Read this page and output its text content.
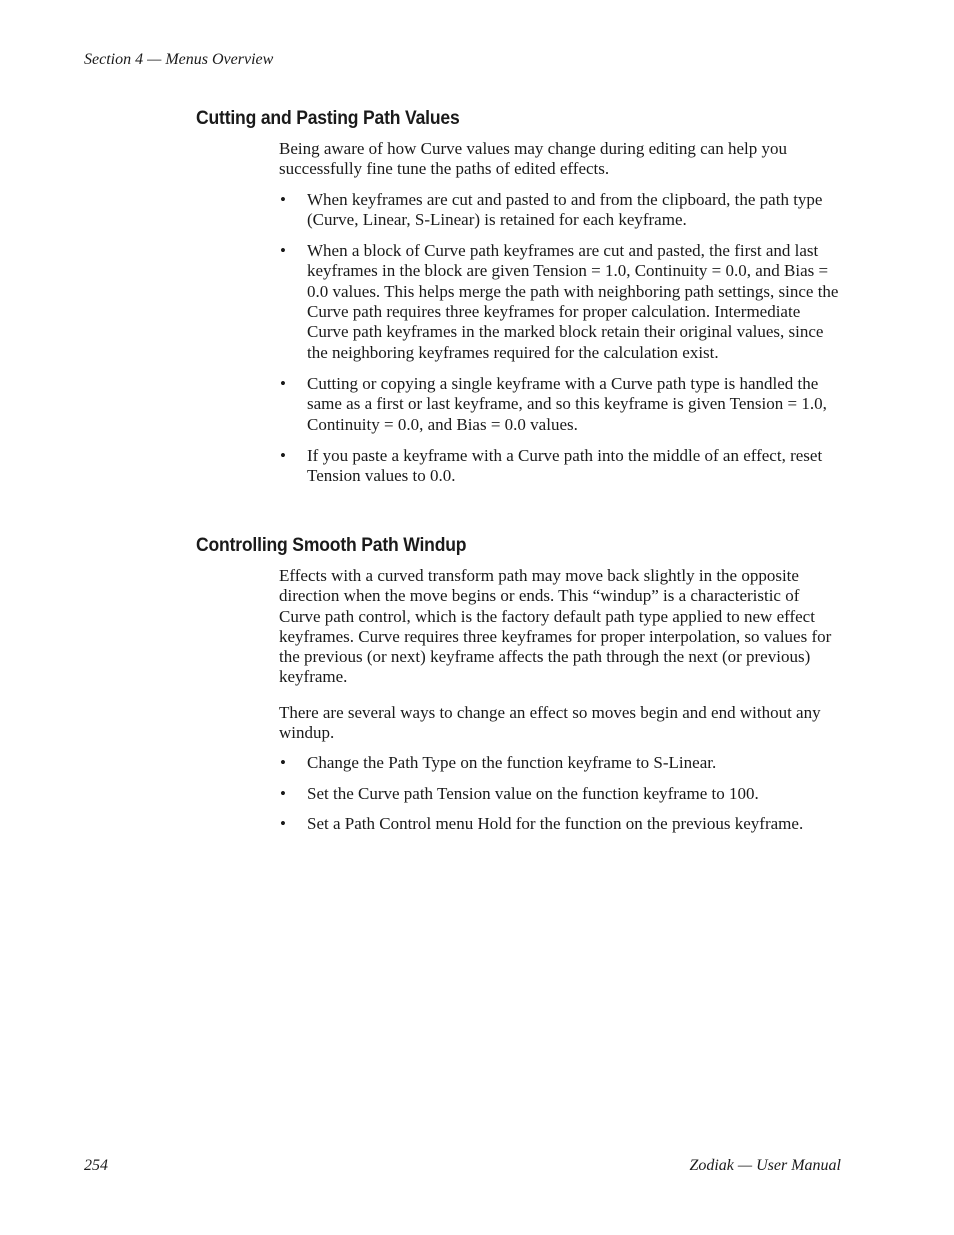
Section 4 — Menus Overview
Cutting and Pasting Path Values

Being aware of how Curve values may change during editing can help you successfully fine tune the paths of edited effects.

• When keyframes are cut and pasted to and from the clipboard, the path type (Curve, Linear, S-Linear) is retained for each keyframe.
• When a block of Curve path keyframes are cut and pasted, the first and last keyframes in the block are given Tension = 1.0, Continuity = 0.0, and Bias = 0.0 values. This helps merge the path with neighboring path settings, since the Curve path requires three keyframes for proper calculation. Intermediate Curve path keyframes in the marked block retain their original values, since the neighboring keyframes required for the calculation exist.
• Cutting or copying a single keyframe with a Curve path type is handled the same as a first or last keyframe, and so this keyframe is given Tension = 1.0, Continuity = 0.0, and Bias = 0.0 values.
• If you paste a keyframe with a Curve path into the middle of an effect, reset Tension values to 0.0.
Controlling Smooth Path Windup

Effects with a curved transform path may move back slightly in the opposite direction when the move begins or ends. This “windup” is a characteristic of Curve path control, which is the factory default path type applied to new effect keyframes. Curve requires three keyframes for proper interpolation, so values for the previous (or next) keyframe affects the path through the next (or previous) keyframe.

There are several ways to change an effect so moves begin and end without any windup.

• Change the Path Type on the function keyframe to S-Linear.
• Set the Curve path Tension value on the function keyframe to 100.
• Set a Path Control menu Hold for the function on the previous keyframe.
254	Zodiak — User Manual
